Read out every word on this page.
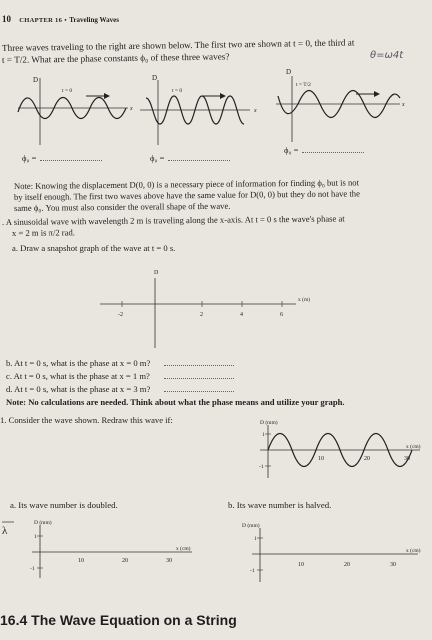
10 CHAPTER 16 • Traveling Waves
Three waves traveling to the right are shown below. The first two are shown at t = 0, the third at
t = T/2. What are the phase constants ϕ₀ of these three waves?	θ=ω4t
D
t = 0
x
D
t = 0
x
D
t = T/2
x
ϕ₀ =	ϕ₀ =
ϕ₀ =
Note: Knowing the displacement D(0, 0) is a necessary piece of information for finding ϕ₀ but is not
by itself enough. The first two waves above have the same value for D(0, 0) but they do not have the
same ϕ₀. You must also consider the overall shape of the wave.
. A sinusoidal wave with wavelength 2 m is traveling along the x-axis. At t = 0 s the wave's phase at
x = 2 m is π/2 rad.
a. Draw a snapshot graph of the wave at t = 0 s.
D
x (m)
-2	2	4	6
b. At t = 0 s, what is the phase at x = 0 m?
c. At t = 0 s, what is the phase at x = 1 m?
d. At t = 0 s, what is the phase at x = 3 m?
Note: No calculations are needed. Think about what the phase means and utilize your graph.
1. Consider the wave shown. Redraw this wave if:	D (mm)
x (cm)
1
-1
10	20	30
a. Its wave number is doubled.	b. Its wave number is halved.
λ
D (mm)
x (cm)
1
-1
10	20	30
D (mm)
x (cm)
1
-1
10	20	30
16.4 The Wave Equation on a String
